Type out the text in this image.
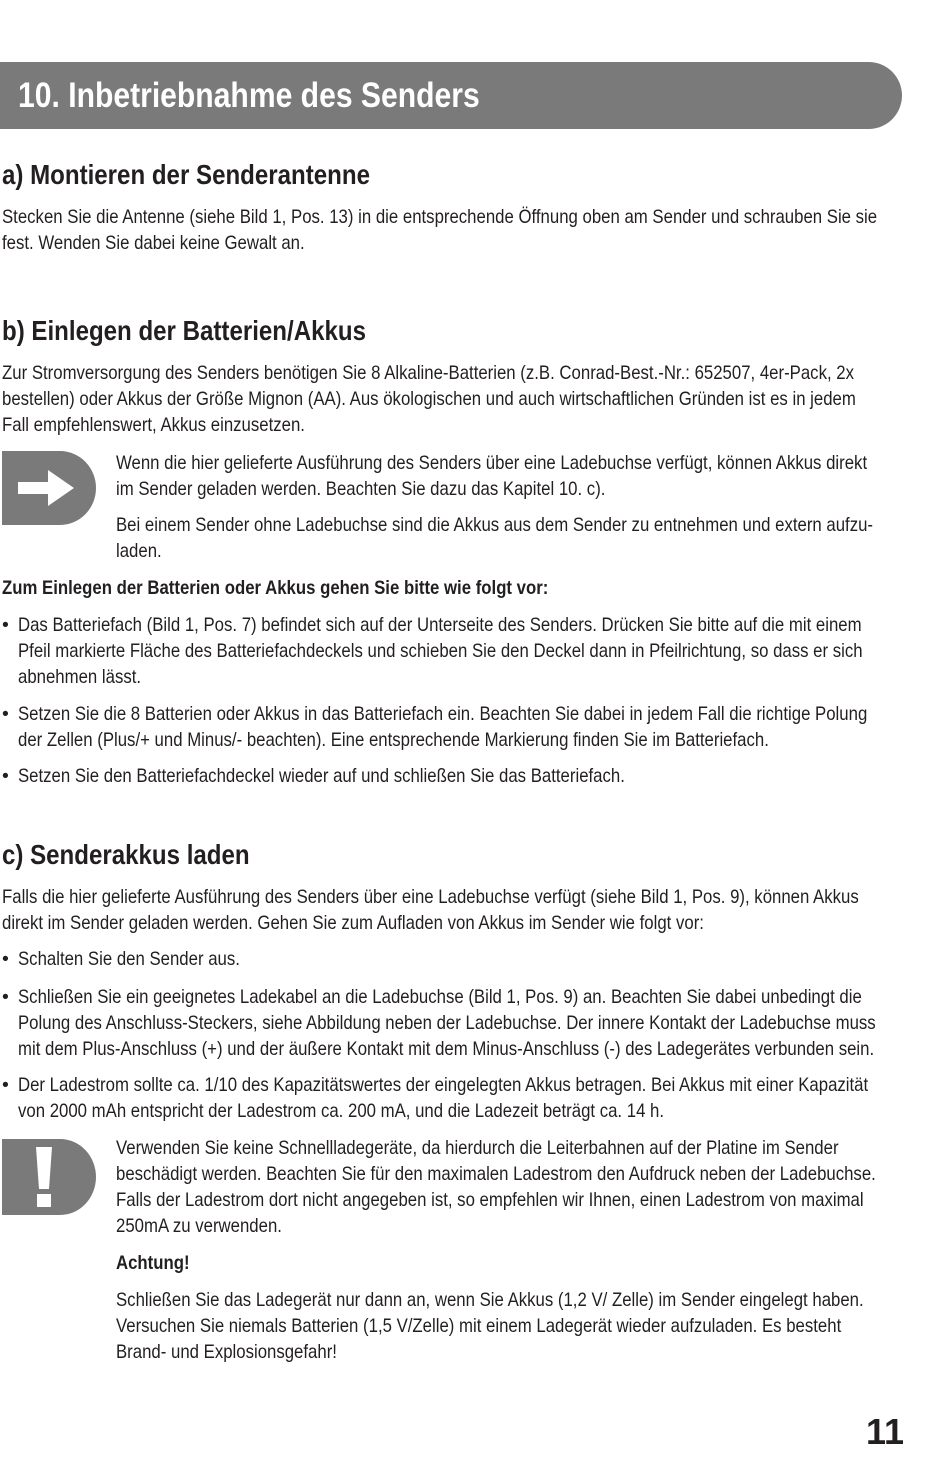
10. Inbetriebnahme des Senders
a) Montieren der Senderantenne
Stecken Sie die Antenne (siehe Bild 1, Pos. 13) in die entsprechende Öffnung oben am Sender und schrauben Sie sie
fest. Wenden Sie dabei keine Gewalt an.
b) Einlegen der Batterien/Akkus
Zur Stromversorgung des Senders benötigen Sie 8 Alkaline-Batterien (z.B. Conrad-Best.-Nr.: 652507, 4er-Pack, 2x
bestellen) oder Akkus der Größe Mignon (AA). Aus ökologischen und auch wirtschaftlichen Gründen ist es in jedem
Fall empfehlenswert, Akkus einzusetzen.
Wenn die hier gelieferte Ausführung des Senders über eine Ladebuchse verfügt, können Akkus direkt
im Sender geladen werden. Beachten Sie dazu das Kapitel 10. c).
Bei einem Sender ohne Ladebuchse sind die Akkus aus dem Sender zu entnehmen und extern aufzu-
laden.
Zum Einlegen der Batterien oder Akkus gehen Sie bitte wie folgt vor:
• Das Batteriefach (Bild 1, Pos. 7) befindet sich auf der Unterseite des Senders. Drücken Sie bitte auf die mit einem
Pfeil markierte Fläche des Batteriefachdeckels und schieben Sie den Deckel dann in Pfeilrichtung, so dass er sich
abnehmen lässt.
• Setzen Sie die 8 Batterien oder Akkus in das Batteriefach ein. Beachten Sie dabei in jedem Fall die richtige Polung
der Zellen (Plus/+ und Minus/- beachten). Eine entsprechende Markierung finden Sie im Batteriefach.
• Setzen Sie den Batteriefachdeckel wieder auf und schließen Sie das Batteriefach.
c) Senderakkus laden
Falls die hier gelieferte Ausführung des Senders über eine Ladebuchse verfügt (siehe Bild 1, Pos. 9), können Akkus
direkt im Sender geladen werden. Gehen Sie zum Aufladen von Akkus im Sender wie folgt vor:
• Schalten Sie den Sender aus.
• Schließen Sie ein geeignetes Ladekabel an die Ladebuchse (Bild 1, Pos. 9) an. Beachten Sie dabei unbedingt die
Polung des Anschluss-Steckers, siehe Abbildung neben der Ladebuchse. Der innere Kontakt der Ladebuchse muss
mit dem Plus-Anschluss (+) und der äußere Kontakt mit dem Minus-Anschluss (-) des Ladegerätes verbunden sein.
• Der Ladestrom sollte ca. 1/10 des Kapazitätswertes der eingelegten Akkus betragen. Bei Akkus mit einer Kapazität
von 2000 mAh entspricht der Ladestrom ca. 200 mA, und die Ladezeit beträgt ca. 14 h.
Verwenden Sie keine Schnellladegeräte, da hierdurch die Leiterbahnen auf der Platine im Sender
beschädigt werden. Beachten Sie für den maximalen Ladestrom den Aufdruck neben der Ladebuchse.
Falls der Ladestrom dort nicht angegeben ist, so empfehlen wir Ihnen, einen Ladestrom von maximal
250mA zu verwenden.
Achtung!
Schließen Sie das Ladegerät nur dann an, wenn Sie Akkus (1,2 V/ Zelle) im Sender eingelegt haben.
Versuchen Sie niemals Batterien (1,5 V/Zelle) mit einem Ladegerät wieder aufzuladen. Es besteht
Brand- und Explosionsgefahr!
11
